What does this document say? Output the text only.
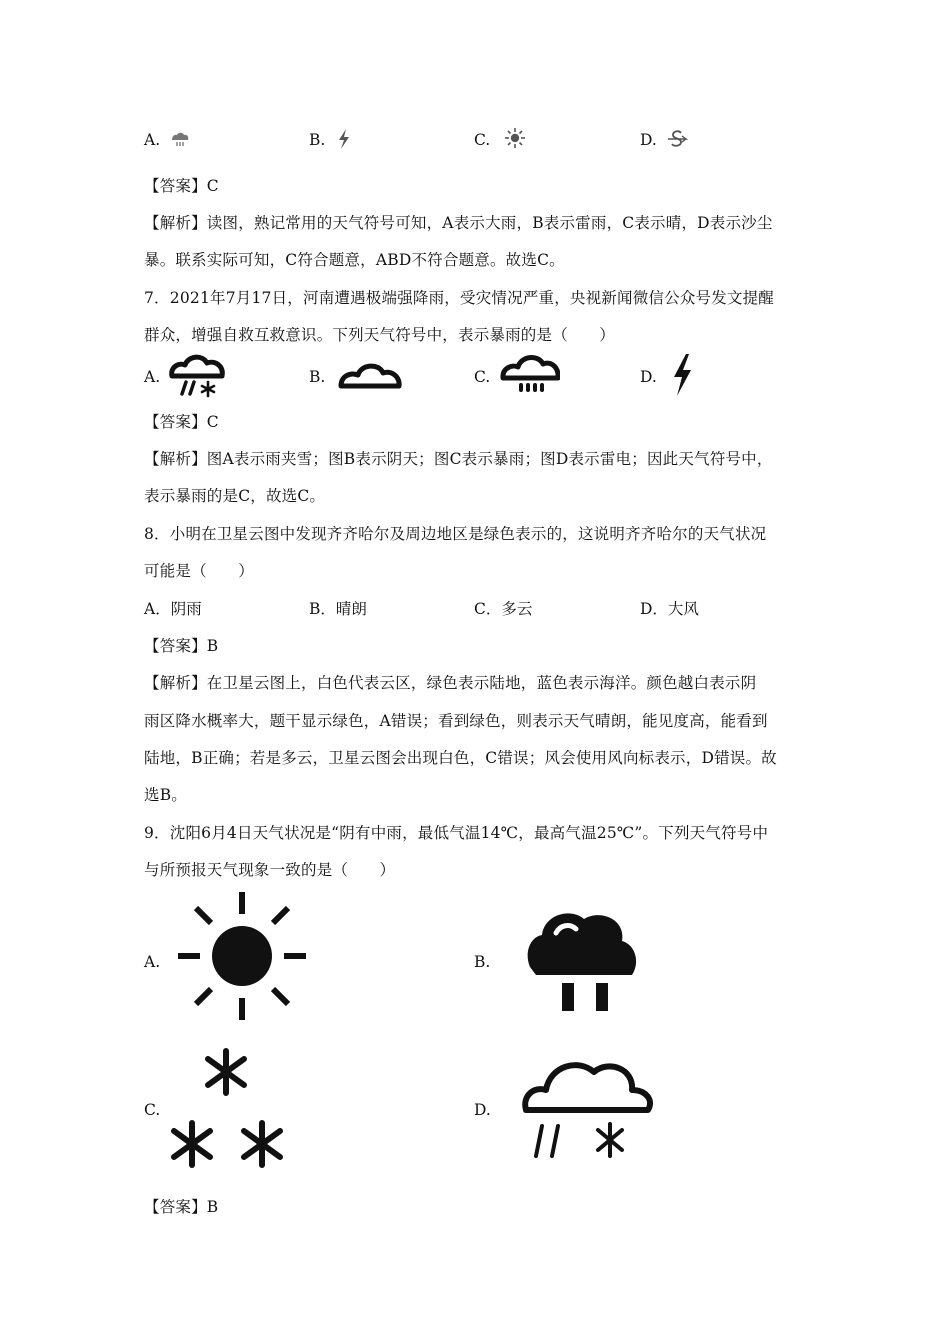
A.	B.	C.	D.
【答案】C
【解析】读图，熟记常用的天气符号可知，A表示大雨，B表示雷雨，C表示晴，D表示沙尘
暴。联系实际可知，C符合题意，ABD不符合题意。故选C。
7．2021年7月17日，河南遭遇极端强降雨，受灾情况严重，央视新闻微信公众号发文提醒
群众，增强自救互救意识。下列天气符号中，表示暴雨的是（　　）
A.	B.	C.	D.
【答案】C
【解析】图A表示雨夹雪；图B表示阴天；图C表示暴雨；图D表示雷电；因此天气符号中，
表示暴雨的是C，故选C。
8．小明在卫星云图中发现齐齐哈尔及周边地区是绿色表示的，这说明齐齐哈尔的天气状况
可能是（　　）
A．阴雨	B．晴朗	C．多云	D．大风
【答案】B
【解析】在卫星云图上，白色代表云区，绿色表示陆地，蓝色表示海洋。颜色越白表示阴
雨区降水概率大，题干显示绿色，A错误；看到绿色，则表示天气晴朗，能见度高，能看到
陆地，B正确；若是多云，卫星云图会出现白色，C错误；风会使用风向标表示，D错误。故
选B。
9．沈阳6月4日天气状况是“阴有中雨，最低气温14℃，最高气温25℃”。下列天气符号中
与所预报天气现象一致的是（　　）
A.	B.
C.	D.
【答案】B
